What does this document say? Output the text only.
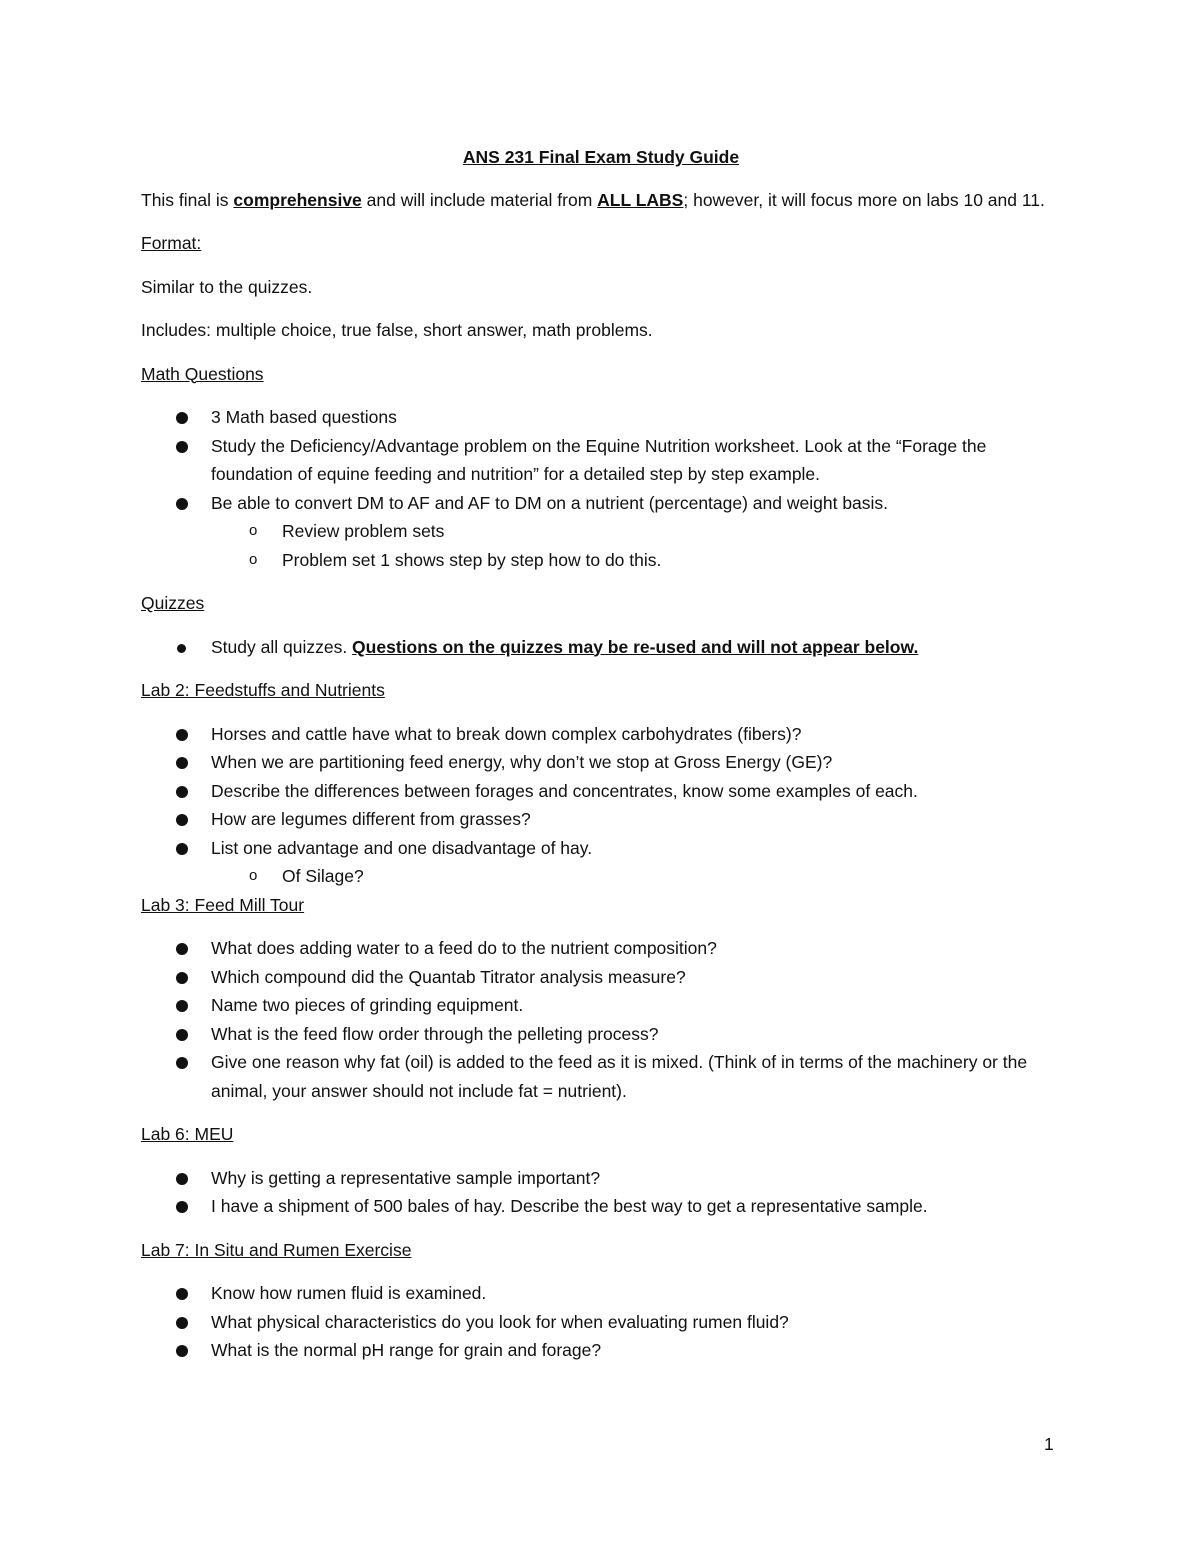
ANS 231 Final Exam Study Guide

This final is comprehensive and will include material from ALL LABS; however, it will focus more on labs 10 and 11.

Format:

Similar to the quizzes.

Includes: multiple choice, true false, short answer, math problems.

Math Questions
3 Math based questions
Study the Deficiency/Advantage problem on the Equine Nutrition worksheet. Look at the “Forage the foundation of equine feeding and nutrition” for a detailed step by step example.
Be able to convert DM to AF and AF to DM on a nutrient (percentage) and weight basis.
o Review problem sets
o Problem set 1 shows step by step how to do this.
Quizzes
Study all quizzes. Questions on the quizzes may be re-used and will not appear below.
Lab 2: Feedstuffs and Nutrients
Horses and cattle have what to break down complex carbohydrates (fibers)?
When we are partitioning feed energy, why don’t we stop at Gross Energy (GE)?
Describe the differences between forages and concentrates, know some examples of each.
How are legumes different from grasses?
List one advantage and one disadvantage of hay.
o Of Silage?
Lab 3: Feed Mill Tour
What does adding water to a feed do to the nutrient composition?
Which compound did the Quantab Titrator analysis measure?
Name two pieces of grinding equipment.
What is the feed flow order through the pelleting process?
Give one reason why fat (oil) is added to the feed as it is mixed. (Think of in terms of the machinery or the animal, your answer should not include fat = nutrient).
Lab 6: MEU
Why is getting a representative sample important?
I have a shipment of 500 bales of hay. Describe the best way to get a representative sample.
Lab 7: In Situ and Rumen Exercise
Know how rumen fluid is examined.
What physical characteristics do you look for when evaluating rumen fluid?
What is the normal pH range for grain and forage?
1
